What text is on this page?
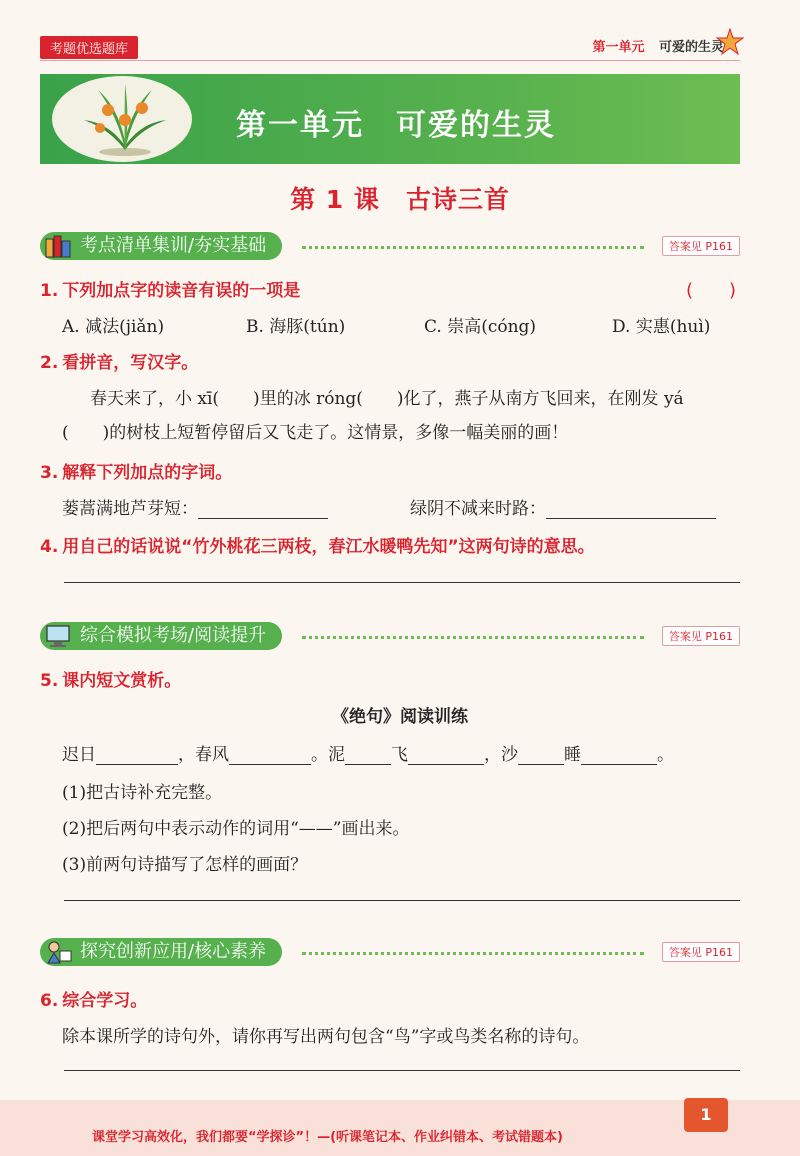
考题优选题库	第一单元 可爱的生灵
第一单元　可爱的生灵
第 1 课　古诗三首
考点清单集训/夯实基础	答案见 P161
1. 下列加点字的读音有误的一项是	(　　)
A. 减法(jiǎn)	B. 海豚(tún)	C. 崇高(cóng)	D. 实惠(huì)
2. 看拼音，写汉字。
春天来了，小 xī(　　)里的冰 róng(　　)化了，燕子从南方飞回来，在刚发 yá
(　　)的树枝上短暂停留后又飞走了。这情景，多像一幅美丽的画！
3. 解释下列加点的字词。
蒌蒿满地芦芽短：	绿阴不减来时路：
4. 用自己的话说说“竹外桃花三两枝，春江水暖鸭先知”这两句诗的意思。
综合模拟考场/阅读提升	答案见 P161
5. 课内短文赏析。
《绝句》阅读训练
迟日	，春风	。泥	飞	，沙	睡	。
(1)把古诗补充完整。
(2)把后两句中表示动作的词用“——”画出来。
(3)前两句诗描写了怎样的画面？
探究创新应用/核心素养	答案见 P161
6. 综合学习。
除本课所学的诗句外，请你再写出两句包含“鸟”字或鸟类名称的诗句。
课堂学习高效化，我们都要“学探诊”！—(听课笔记本、作业纠错本、考试错题本)
1
